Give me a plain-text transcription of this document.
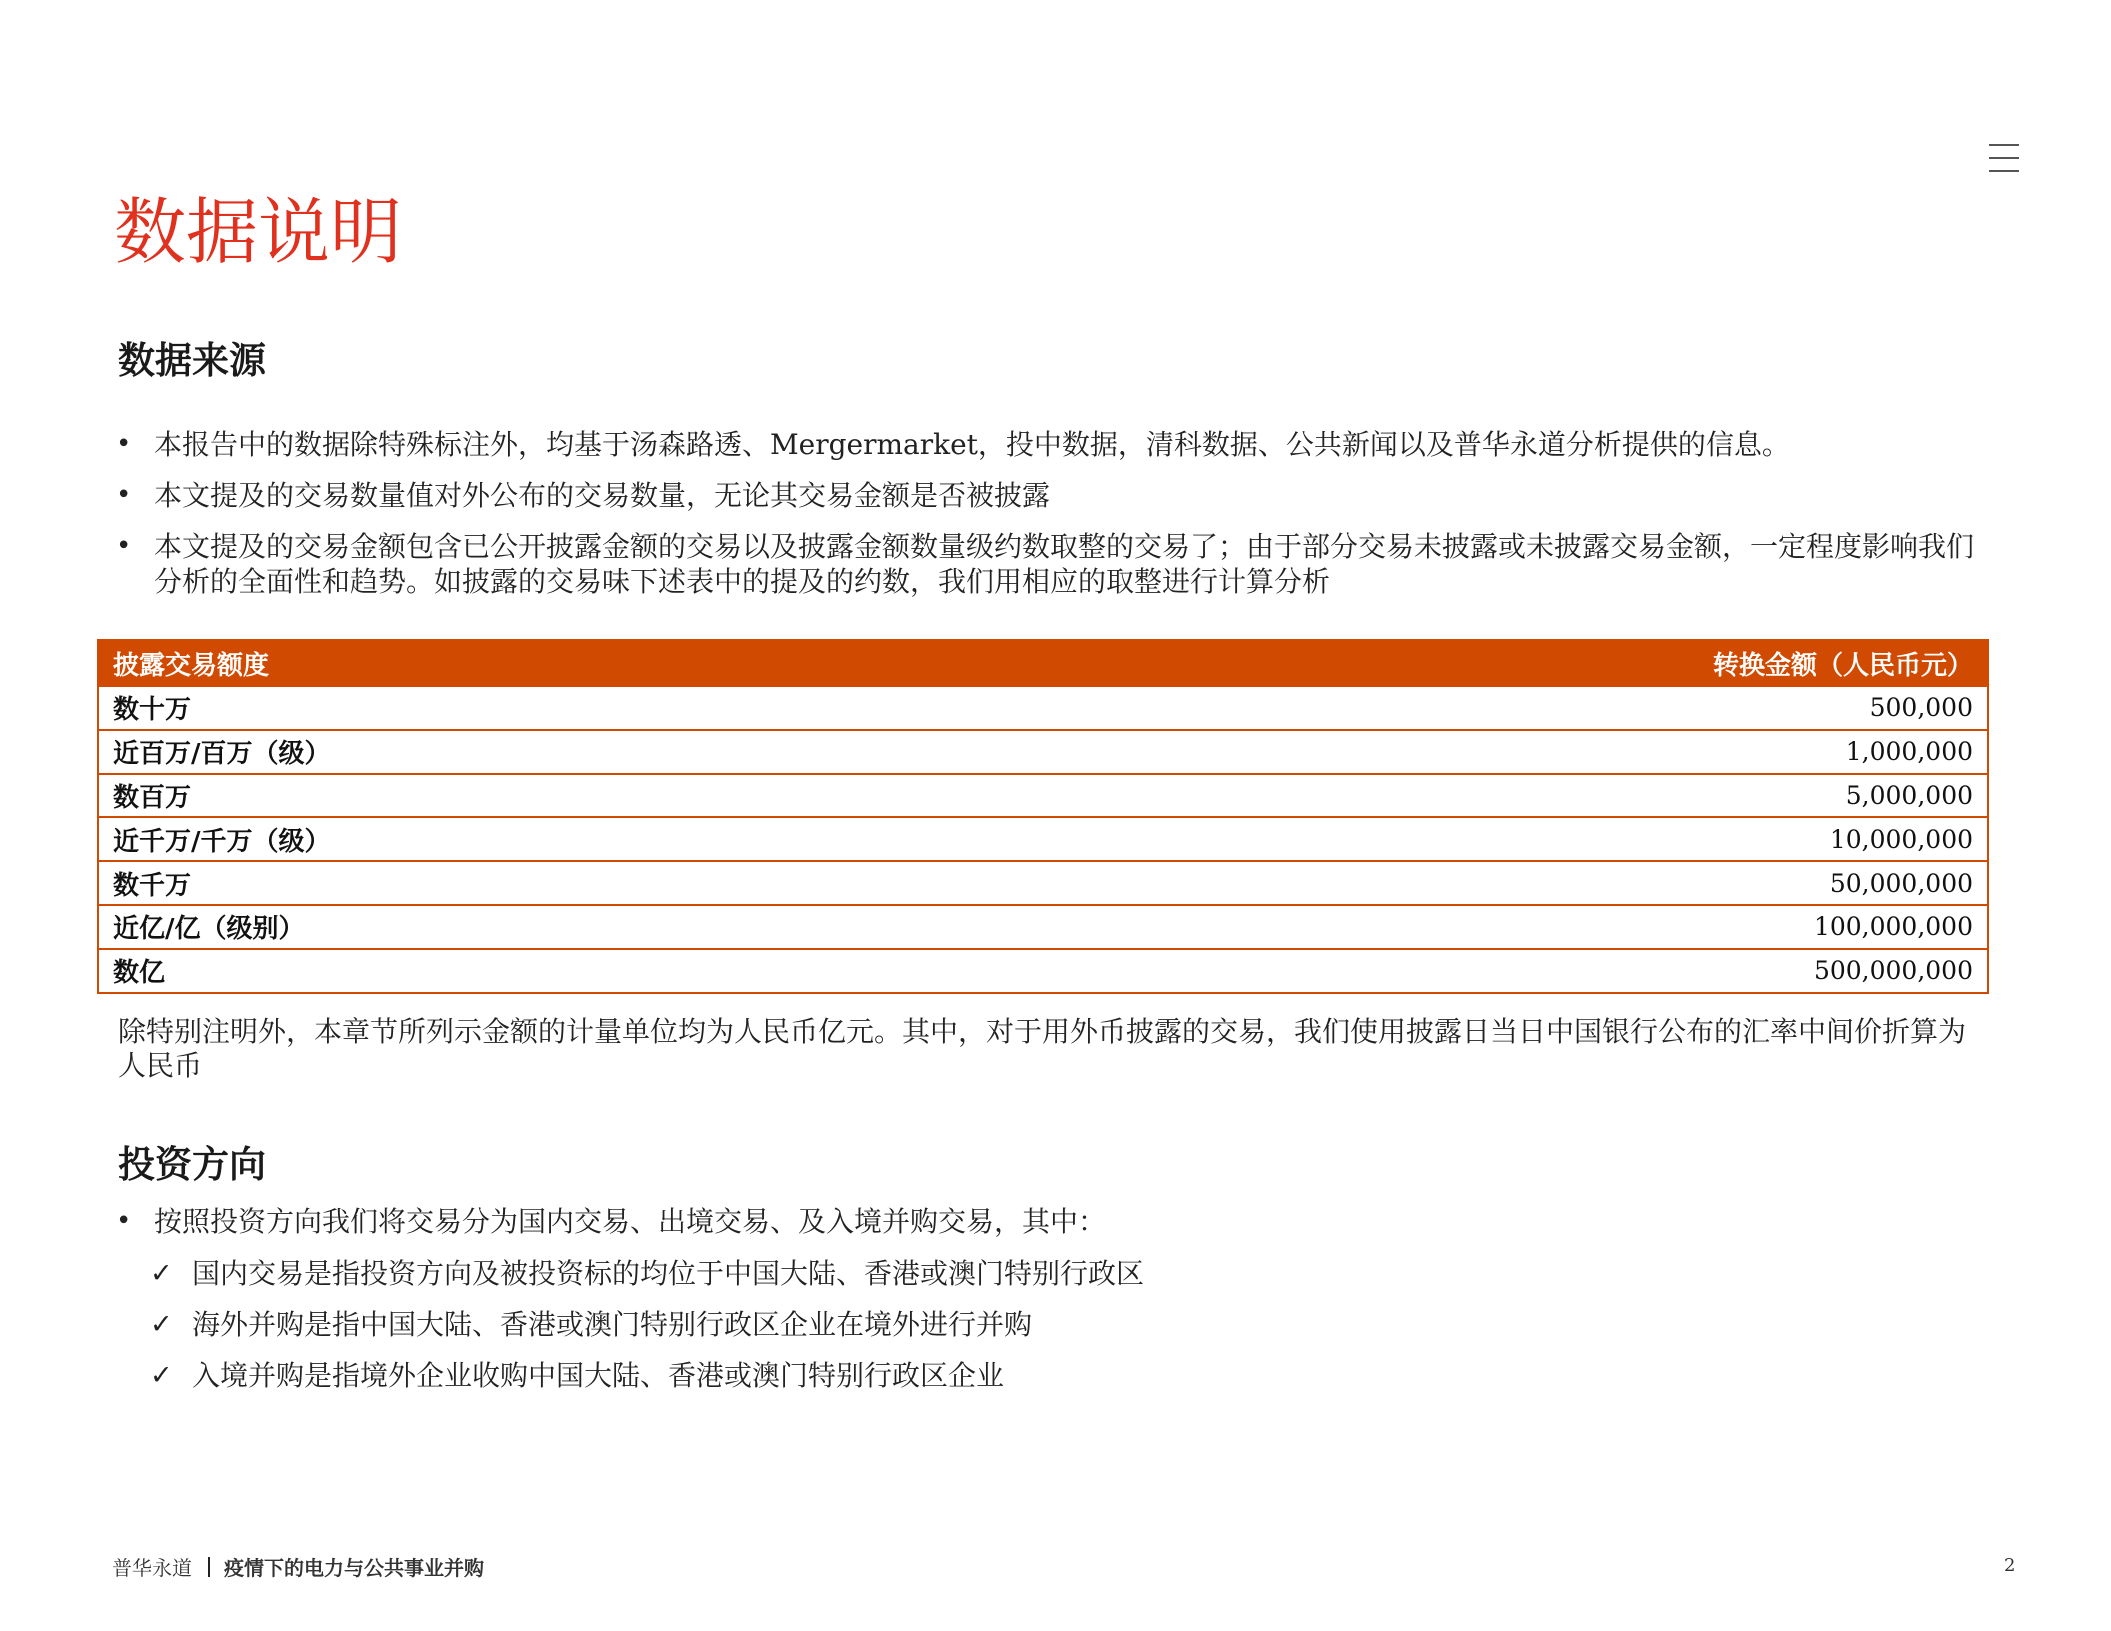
数据说明
数据来源
• 本报告中的数据除特殊标注外，均基于汤森路透、Mergermarket，投中数据，清科数据、公共新闻以及普华永道分析提供的信息。
• 本文提及的交易数量值对外公布的交易数量，无论其交易金额是否被披露
• 本文提及的交易金额包含已公开披露金额的交易以及披露金额数量级约数取整的交易了；由于部分交易未披露或未披露交易金额，一定程度影响我们分析的全面性和趋势。如披露的交易味下述表中的提及的约数，我们用相应的取整进行计算分析
披露交易额度	转换金额（人民币元）
数十万	500,000
近百万/百万（级）	1,000,000
数百万	5,000,000
近千万/千万（级）	10,000,000
数千万	50,000,000
近亿/亿（级别）	100,000,000
数亿	500,000,000

除特别注明外，本章节所列示金额的计量单位均为人民币亿元。其中，对于用外币披露的交易，我们使用披露日当日中国银行公布的汇率中间价折算为人民币

投资方向
• 按照投资方向我们将交易分为国内交易、出境交易、及入境并购交易，其中：
✓ 国内交易是指投资方向及被投资标的均位于中国大陆、香港或澳门特别行政区
✓ 海外并购是指中国大陆、香港或澳门特别行政区企业在境外进行并购
✓ 入境并购是指境外企业收购中国大陆、香港或澳门特别行政区企业
普华永道 疫情下的电力与公共事业并购	2
